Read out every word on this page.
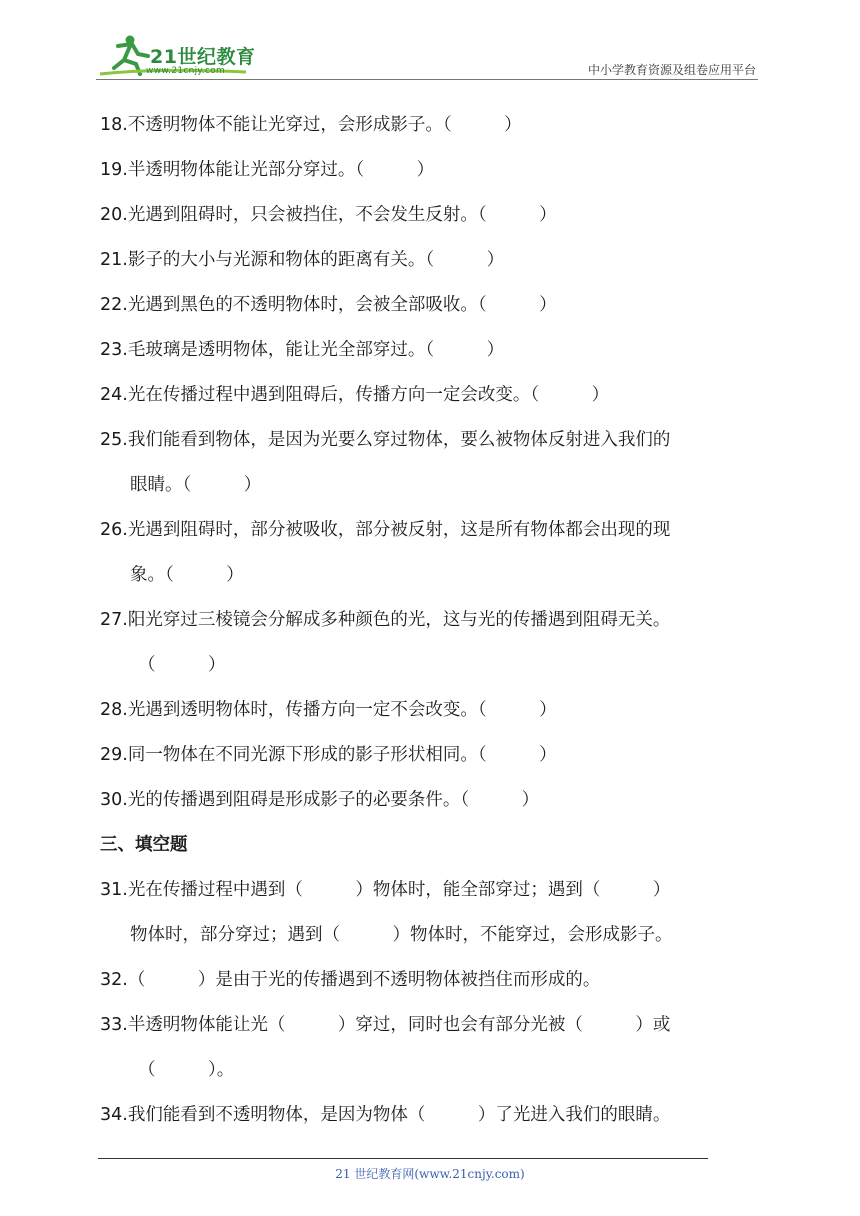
21世纪教育
www.21cnjy.com	中小学教育资源及组卷应用平台
18.不透明物体不能让光穿过，会形成影子。（　　　）
19.半透明物体能让光部分穿过。（　　　）
20.光遇到阻碍时，只会被挡住，不会发生反射。（　　　）
21.影子的大小与光源和物体的距离有关。（　　　）
22.光遇到黑色的不透明物体时，会被全部吸收。（　　　）
23.毛玻璃是透明物体，能让光全部穿过。（　　　）
24.光在传播过程中遇到阻碍后，传播方向一定会改变。（　　　）
25.我们能看到物体，是因为光要么穿过物体，要么被物体反射进入我们的
眼睛。（　　　）
26.光遇到阻碍时，部分被吸收，部分被反射，这是所有物体都会出现的现
象。（　　　）
27.阳光穿过三棱镜会分解成多种颜色的光，这与光的传播遇到阻碍无关。
（　　　）
28.光遇到透明物体时，传播方向一定不会改变。（　　　）
29.同一物体在不同光源下形成的影子形状相同。（　　　）
30.光的传播遇到阻碍是形成影子的必要条件。（　　　）
三、填空题
31.光在传播过程中遇到（　　　）物体时，能全部穿过；遇到（　　　）
物体时，部分穿过；遇到（　　　）物体时，不能穿过，会形成影子。
32.（　　　）是由于光的传播遇到不透明物体被挡住而形成的。
33.半透明物体能让光（　　　）穿过，同时也会有部分光被（　　　）或
（　　　）。
34.我们能看到不透明物体，是因为物体（　　　）了光进入我们的眼睛。
21 世纪教育网(www.21cnjy.com)
